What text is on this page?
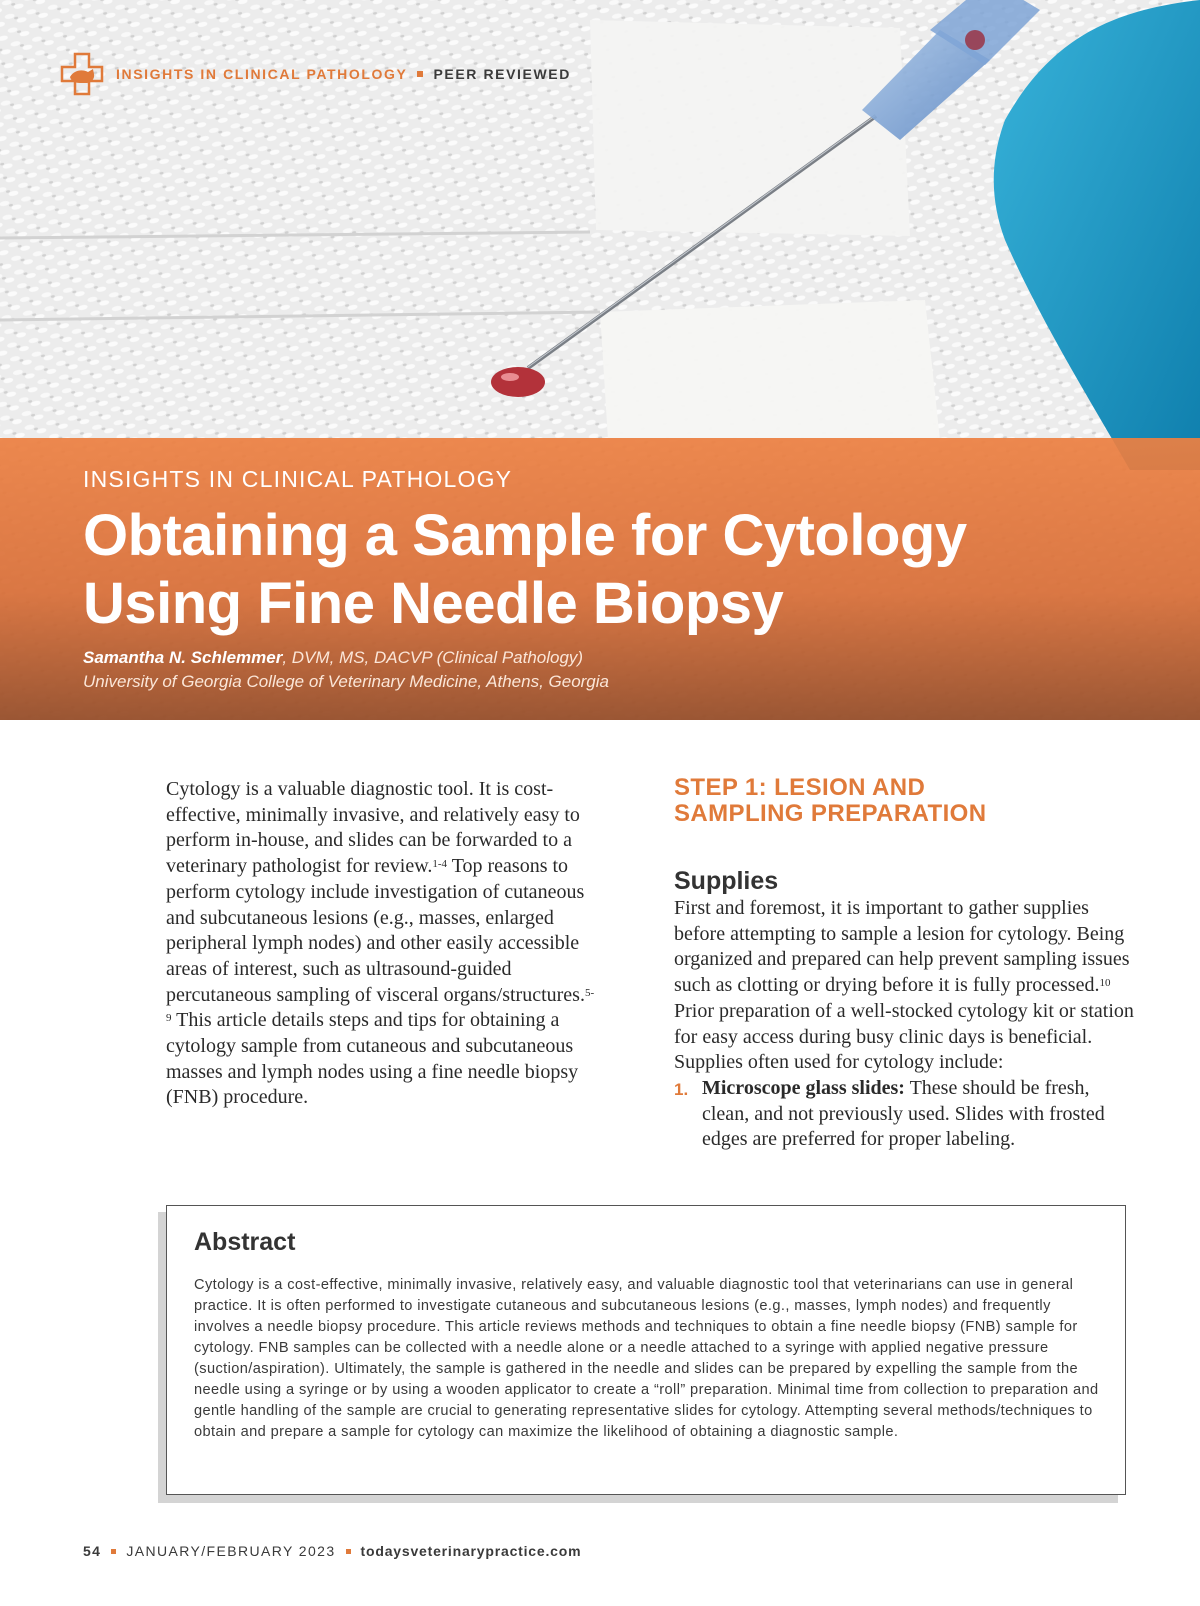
INSIGHTS IN CLINICAL PATHOLOGY PEER REVIEWED
INSIGHTS IN CLINICAL PATHOLOGY
Obtaining a Sample for Cytology
Using Fine Needle Biopsy
Samantha N. Schlemmer, DVM, MS, DACVP (Clinical Pathology)
University of Georgia College of Veterinary Medicine, Athens, Georgia
Cytology is a valuable diagnostic tool. It is cost-effective, minimally invasive, and relatively easy to perform in-house, and slides can be forwarded to a veterinary pathologist for review.$^{1-4}$ Top reasons to perform cytology include investigation of cutaneous and subcutaneous lesions (e.g., masses, enlarged peripheral lymph nodes) and other easily accessible areas of interest, such as ultrasound-guided percutaneous sampling of visceral organs/structures.$^{5-9}$ This article details steps and tips for obtaining a cytology sample from cutaneous and subcutaneous masses and lymph nodes using a fine needle biopsy (FNB) procedure.
STEP 1: LESION AND
SAMPLING PREPARATION
Supplies

First and foremost, it is important to gather supplies before attempting to sample a lesion for cytology. Being organized and prepared can help prevent sampling issues such as clotting or drying before it is fully processed.$^{10}$ Prior preparation of a well-stocked cytology kit or station for easy access during busy clinic days is beneficial. Supplies often used for cytology include:

1. Microscope glass slides: These should be fresh, clean, and not previously used. Slides with frosted edges are preferred for proper labeling.
Abstract

Cytology is a cost-effective, minimally invasive, relatively easy, and valuable diagnostic tool that veterinarians can use in general practice. It is often performed to investigate cutaneous and subcutaneous lesions (e.g., masses, lymph nodes) and frequently involves a needle biopsy procedure. This article reviews methods and techniques to obtain a fine needle biopsy (FNB) sample for cytology. FNB samples can be collected with a needle alone or a needle attached to a syringe with applied negative pressure (suction/aspiration). Ultimately, the sample is gathered in the needle and slides can be prepared by expelling the sample from the needle using a syringe or by using a wooden applicator to create a “roll” preparation. Minimal time from collection to preparation and gentle handling of the sample are crucial to generating representative slides for cytology. Attempting several methods/techniques to obtain and prepare a sample for cytology can maximize the likelihood of obtaining a diagnostic sample.

54 JANUARY/FEBRUARY 2023 todaysveterinarypractice.com
